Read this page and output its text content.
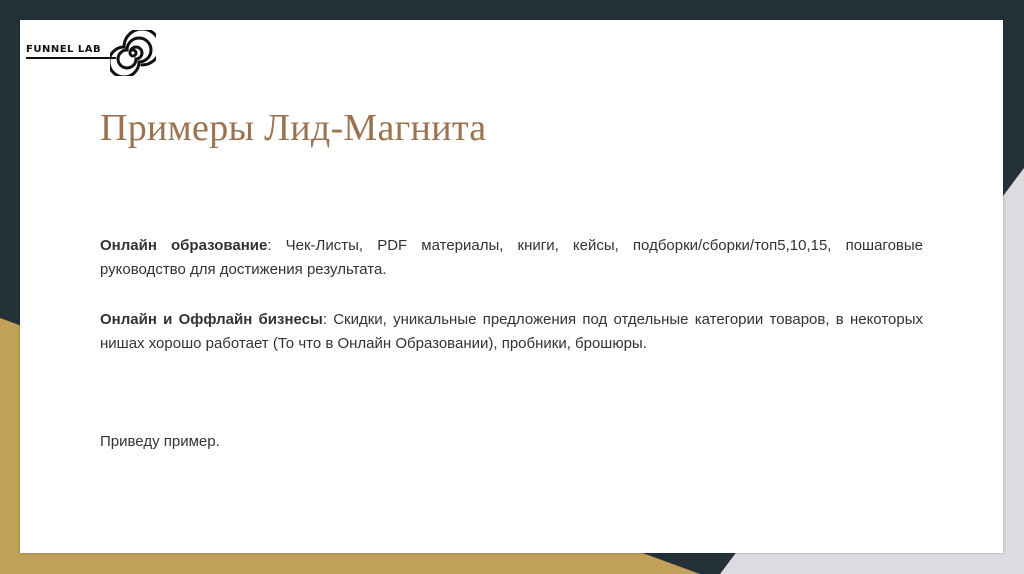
FUNNEL LAB
Примеры Лид-Магнита
Онлайн образование: Чек-Листы, PDF материалы, книги, кейсы, подборки/сборки/топ5,10,15, пошаговые руководство для достижения результата.
Онлайн и Оффлайн бизнесы: Скидки, уникальные предложения под отдельные категории товаров, в некоторых нишах хорошо работает (То что в Онлайн Образовании), пробники, брошюры.
Приведу пример.
